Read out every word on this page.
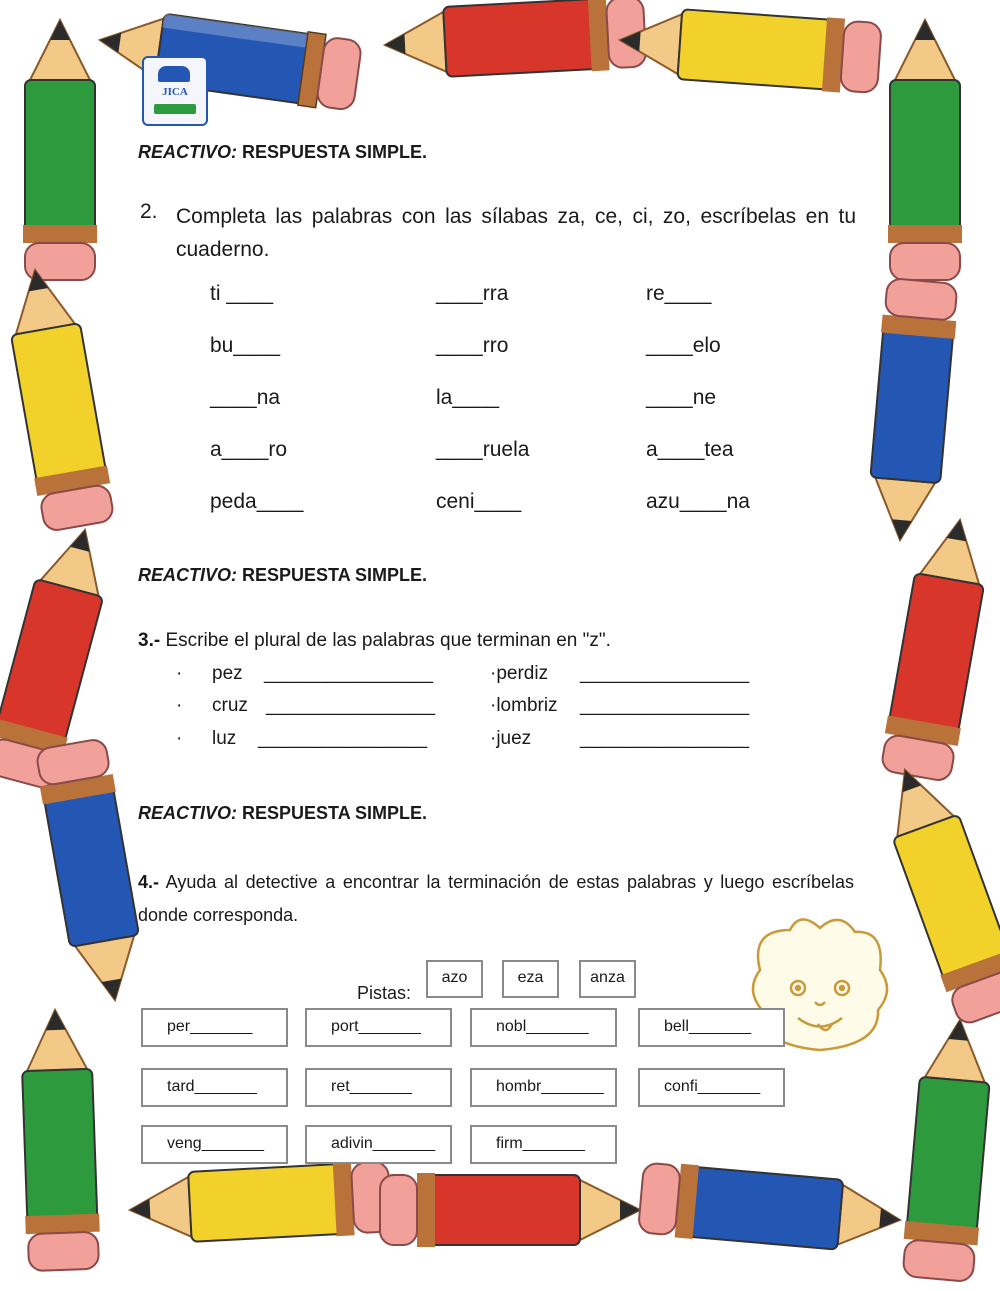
JICA
REACTIVO: RESPUESTA SIMPLE.
2. Completa las palabras con las sílabas za, ce, ci, zo, escríbelas en tu cuaderno.
ti ____	____rra	re____
bu____	____rro	____elo
____na	la____	____ne
a____ro	____ruela	a____tea
peda____	ceni____	azu____na
REACTIVO: RESPUESTA SIMPLE.
3.- Escribe el plural de las palabras que terminan en "z".
· pez ________________	·perdiz ________________
· cruz ________________	·lombriz ________________
· luz ________________	·juez	________________
REACTIVO: RESPUESTA SIMPLE.
4.- Ayuda al detective a encontrar la terminación de estas palabras y luego escríbelas donde corresponda.
Pistas:
azo	eza	anza
per_______	port_______	nobl_______	bell_______
tard_______	ret_______	hombr_______	confi_______
veng_______	adivin_______	firm_______
